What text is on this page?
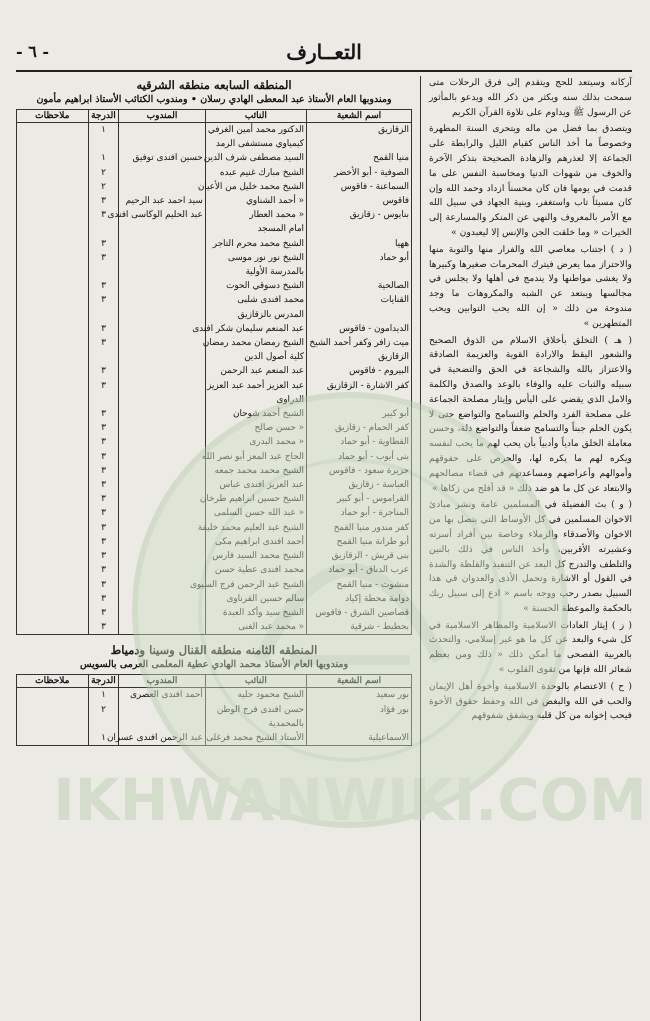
IKHWANWIKI.COM
التعــارف
- ٦ -

آركانه وسيتعد للحج ويتقدم إلى فرق الرحلات متى سمحت بذلك سنه ويكثر من ذكر الله ويدعو بالمأثور عن الرسول ﷺ ويداوم على تلاوة القرآن الكريم

ويتصدق بما فضل من ماله ويتحرى السنة المطهرة وخصوصاً ما أخذ الناس كقيام الليل والرابطة على الجماعة إلا لعذرهم والزهادة الصحيحة بتذكر الآخرة والخوف من شهوات الدنيا ومحاسبة النفس على ما قدمت في يومها فان كان محسناً ازداد وحمد الله وإن كان مسيئاً تاب واستغفر، وينية الجهاد في سبيل الله مع الأمر بالمعروف والنهي عن المنكر والمسارعة إلى الخيرات « وما خلقت الجن والإنس إلا ليعبدون »

( د ) اجتناب معاصي الله والفرار منها والتوبة منها والاحتراز مما يعرض فيترك المحرمات صغيرها وكبيرها ولا يغشى مواطنها ولا يندمج في أهلها ولا يجلس في مجالسها ويبتعد عن الشبه والمكروهات ما وجد مندوحة من ذلك « إن الله يحب التوابين ويحب المتطهرين »

( هـ ) التخلق بأخلاق الاسلام من الذوق الصحيح والشعور اليقظ والارادة القوية والعزيمة الصادقة والاعتزاز بالله والشجاعة في الحق والتضحية في سبيله والثبات عليه والوفاء بالوعد والصدق والكلمة والامل الذي يقضي على اليأس وإيثار مصلحة الجماعة على مصلحة الفرد والحلم والتسامح والتواضع حتى لا يكون الحلم جبناً والتسامح ضعفاً والتواضع ذلة، وحسن معاملة الخلق مادياً وأدبياً بأن يحب لهم ما يحب لنفسه ويكره لهم ما يكره لها، والحرص على حقوقهم وأموالهم وأعراضهم ومساعدتهم في قضاء مصالحهم والابتعاد عن كل ما هو ضد ذلك « قد أفلح من زكاها »

( و ) بث الفضيلة في المسلمين عامة ونشر مبادئ الاخوان المسلمين في كل الأوساط التي يتصل بها من الاخوان والأصدقاء والزملاء وخاصة بين أفراد أسرته وعشيرته الأقربين، وأخذ الناس في ذلك بالنين والتلطف والتدرج كل البعد عن التنفيذ والقلظة والشدة في القول أو الاشارة وتحمل الأذى والعدوان في هذا السبيل بصدر رحب ووجه باسم « ادع إلى سبيل ربك بالحكمة والموعظة الحسنة »

( ز ) إيثار العادات الاسلامية والمظاهر الاسلامية في كل شيء والبعد عن كل ما هو غير إسلامي، والتحدث بالعربية الفصحى ما أمكن ذلك « ذلك ومن يعظم شعائر الله فإنها من تقوى القلوب »

( ح ) الاعتصام بالوحدة الاسلامية وأخوة أهل الإيمان والحب في الله والبغض في الله وحفظ حقوق الأخوة فيحب إخوانه من كل قلبه ويشفق شفوقهم

المنطقه السابعه منطقه الشرقيه
ومندوبها العام الأستاذ عبد المعطى الهادي رسلان • ومندوب الكتائب الأستاذ ابراهيم مأمون
اسم الشعبة	النائب	المندوب	الدرجة	ملاحظات
الزقازيق	الدكتور محمد أمين الغرفي		١	
	كيمياوي مستشفى الرمد			
منيا القمح	السيد مصطفى شرف الدين	حسين افندى توفيق	١	
الصوفية - أبو الأخضر	الشيخ مبارك غنيم عبده		٢	
السماعنة - فاقوس	الشيخ محمد خليل من الأعيان		٢	
فاقوس	« أحمد الشناوي	سيد احمد عبد الرحيم	٣	
بنايوس - زقازيق	« محمد العطار	عبد الحليم الوكاسى افندى	٣	
	امام المسجد			
ههيا	الشيخ محمد محرم التاجر		٣	
أبو حماد	الشيخ نور نور موسى		٣	
	بالمدرسة الأولية			
الصالحية	الشيخ دسوقي الحوت		٣	
القنايات	محمد افندى شلبى		٣	
	المدرس بالزقازيق			
الديدامون - فاقوس	عبد المنعم سليمان شكر افندى		٣	
ميت زافر وكفر أحمد الشيخ	الشيخ رمضان محمد رمضان		٣	
الزقازيق	كلية أصول الدين			
البيروم - فاقوس	عبد المنعم عبد الرحمن		٣	
كفر الاشارة - الزقازيق	عبد العزيز أحمد عبد العزيز		٣	
	الدراوى			
أبو كبير	الشيخ أحمد شوحان		٣	
كفر الحمام - زقازيق	« حسن صالح		٣	
القطاوية - أبو حماد	« محمد البدرى		٣	
بنى أيوب - أبو حماد	الحاج عبد المعز أبو نصر الله		٣	
جزيرة سعود - فاقوس	الشيخ محمد محمد جمعه		٣	
العباسة - زقازيق	عبد العزيز افندى عباس		٣	
القراموس - أبو كبير	الشيخ حسين ابراهيم طرخان		٣	
المناجرة - أبو حماد	« عبد الله حسن السلمى		٣	
كفر مندور منيا القمح	الشيخ عبد العليم محمد خليفة		٣	
أبو طرانة منيا القمح	أحمد افندى ابراهيم مكى		٣	
بنى قريش - الزقازيق	الشيخ محمد السيد فارس		٣	
عرب الدناق - أبو حماد	محمد افندى عطية حسن		٣	
منشوت - منيا القمح	الشيخ عبد الرحمن فرج السيوى		٣	
دوامة محطة إكياد	سالم حسين القرناوى		٣	
قصاصين الشرق - فاقوس	الشيخ سيد وأكد العبدة		٣	
بحطيط - شرقية	« محمد عبد الغنى		٣	
المنطقه الثامنه منطقه القنال وسينا ودمياط
ومندوبها العام الأستاذ محمد الهادي عطية المعلمى العرمى بالسويس
اسم الشعبة	النائب	المندوب	الدرجة	ملاحظات
بور سعيد	الشيخ محمود حليه	أحمد افندى العصرى	١	
بور فؤاد	حسن افندى فرج الوطن		٢	
	بالمحمدية			
الاسماعيلية	الأستاذ الشيخ محمد فرغلى	عبد الرحمن افندى عسران	١	
